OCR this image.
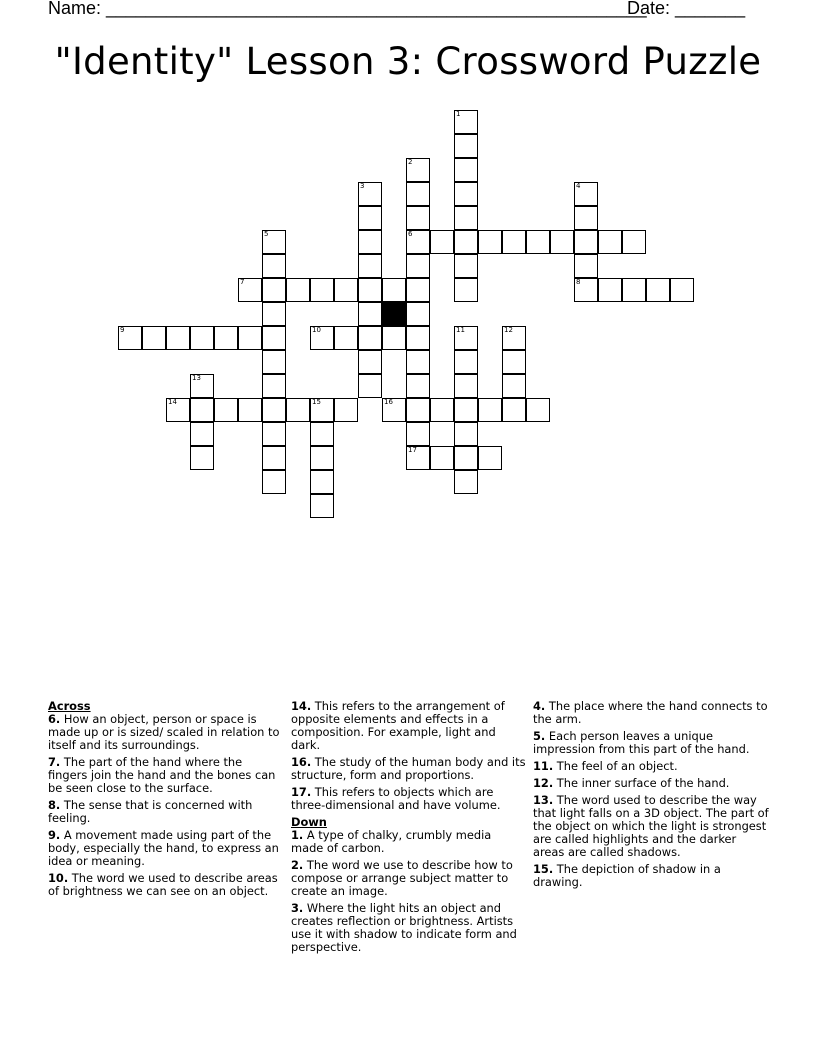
Name: ______________________________________________________
Date: _______
"Identity" Lesson 3: Crossword Puzzle
1
2
6
3	4
8
5
7
9	10	11	12
13
14	15	16
17
Across
6. How an object, person or space is made up or is sized/ scaled in relation to itself and its surroundings.
7. The part of the hand where the fingers join the hand and the bones can be seen close to the surface.
8. The sense that is concerned with feeling.
9. A movement made using part of the body, especially the hand, to express an idea or meaning.
10. The word we used to describe areas of brightness we can see on an object.
14. This refers to the arrangement of opposite elements and effects in a composition. For example, light and dark.
16. The study of the human body and its structure, form and proportions.
17. This refers to objects which are three-dimensional and have volume.
Down
1. A type of chalky, crumbly media made of carbon.
2. The word we use to describe how to compose or arrange subject matter to create an image.
3. Where the light hits an object and creates reflection or brightness. Artists use it with shadow to indicate form and perspective.
4. The place where the hand connects to the arm.
5. Each person leaves a unique impression from this part of the hand.
11. The feel of an object.
12. The inner surface of the hand.
13. The word used to describe the way that light falls on a 3D object. The part of the object on which the light is strongest are called highlights and the darker areas are called shadows.
15. The depiction of shadow in a drawing.
